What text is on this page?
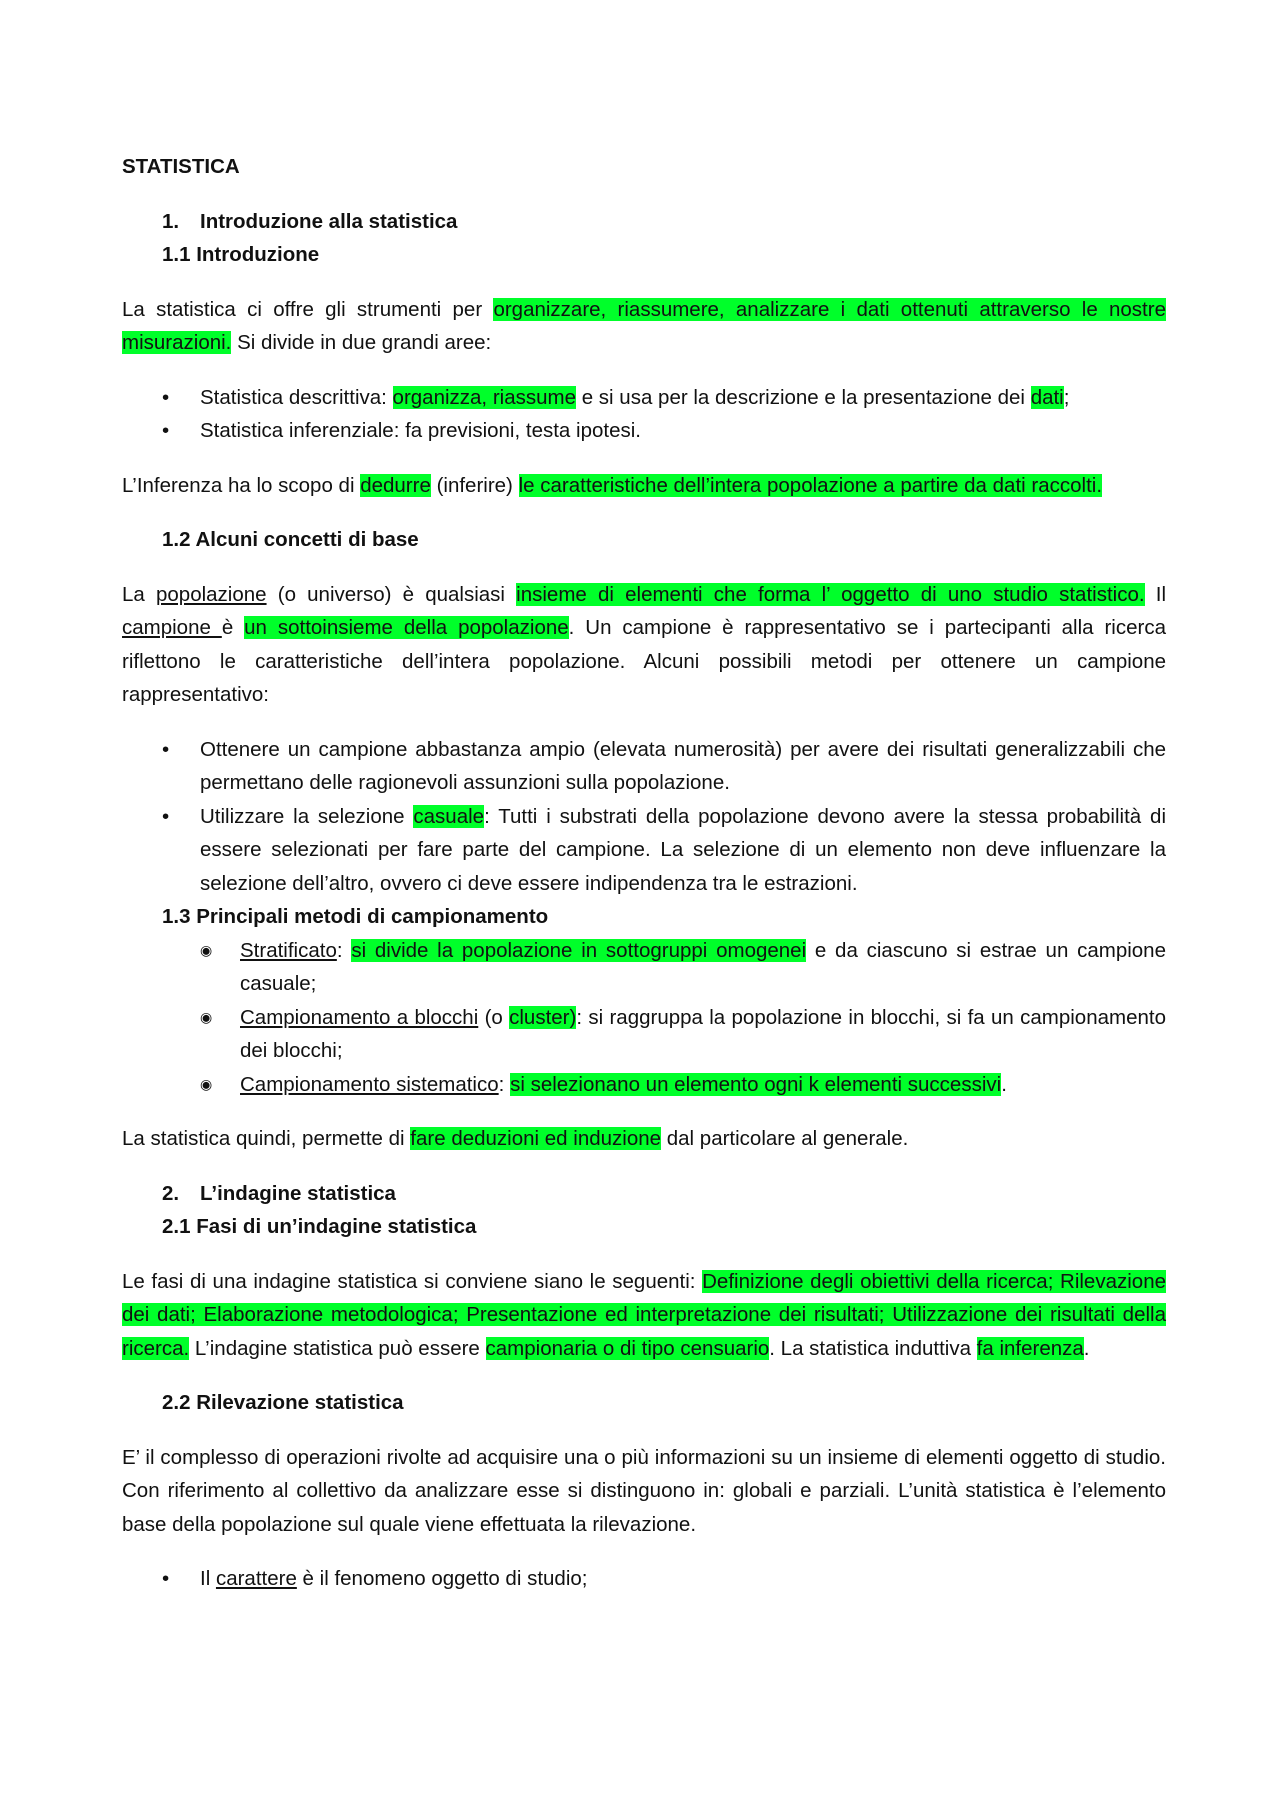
STATISTICA
1. Introduzione alla statistica
1.1 Introduzione
La statistica ci offre gli strumenti per organizzare, riassumere, analizzare i dati ottenuti attraverso le nostre misurazioni. Si divide in due grandi aree:
• Statistica descrittiva: organizza, riassume e si usa per la descrizione e la presentazione dei dati;
• Statistica inferenziale: fa previsioni, testa ipotesi.
L’Inferenza ha lo scopo di dedurre (inferire) le caratteristiche dell’intera popolazione a partire da dati raccolti.
1.2 Alcuni concetti di base
La popolazione (o universo) è qualsiasi insieme di elementi che forma l’ oggetto di uno studio statistico. Il campione è un sottoinsieme della popolazione. Un campione è rappresentativo se i partecipanti alla ricerca riflettono le caratteristiche dell’intera popolazione. Alcuni possibili metodi per ottenere un campione rappresentativo:
• Ottenere un campione abbastanza ampio (elevata numerosità) per avere dei risultati generalizzabili che permettano delle ragionevoli assunzioni sulla popolazione.
• Utilizzare la selezione casuale: Tutti i substrati della popolazione devono avere la stessa probabilità di essere selezionati per fare parte del campione. La selezione di un elemento non deve influenzare la selezione dell’altro, ovvero ci deve essere indipendenza tra le estrazioni.
1.3 Principali metodi di campionamento
◉ Stratificato: si divide la popolazione in sottogruppi omogenei e da ciascuno si estrae un campione casuale;
◉ Campionamento a blocchi (o cluster): si raggruppa la popolazione in blocchi, si fa un campionamento dei blocchi;
◉ Campionamento sistematico: si selezionano un elemento ogni k elementi successivi.
La statistica quindi, permette di fare deduzioni ed induzione dal particolare al generale.
2. L’indagine statistica
2.1 Fasi di un’indagine statistica
Le fasi di una indagine statistica si conviene siano le seguenti: Definizione degli obiettivi della ricerca; Rilevazione dei dati; Elaborazione metodologica; Presentazione ed interpretazione dei risultati; Utilizzazione dei risultati della ricerca. L’indagine statistica può essere campionaria o di tipo censuario. La statistica induttiva fa inferenza.
2.2 Rilevazione statistica
E’ il complesso di operazioni rivolte ad acquisire una o più informazioni su un insieme di elementi oggetto di studio. Con riferimento al collettivo da analizzare esse si distinguono in: globali e parziali. L’unità statistica è l’elemento base della popolazione sul quale viene effettuata la rilevazione.
• Il carattere è il fenomeno oggetto di studio;
